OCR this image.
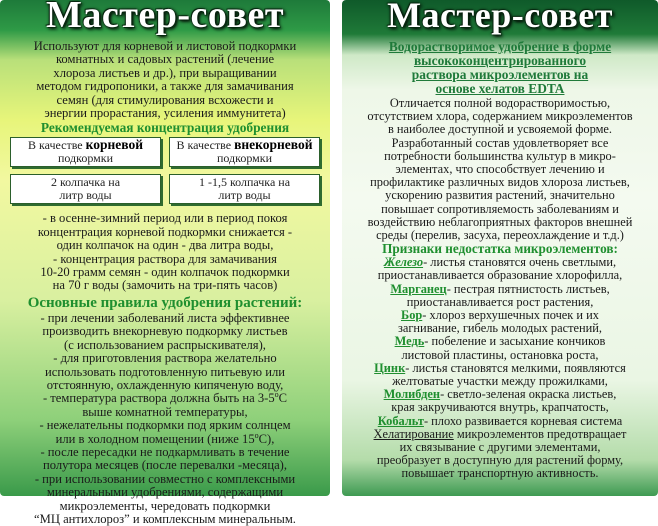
Мастер-совет

Используют для корневой и листовой подкормки

комнатных и садовых растений (лечение

хлороза листьев и др.), при выращивании

методом гидропоники, а также для замачивания

семян (для стимулирования всхожести и

энергии прорастания, усиления иммунитета)

Рекомендуемая концентрация удобрения

В качестве корневой
подкормки
В качестве внекорневой
подкормки
2 колпачка на
литр воды
1 -1,5 колпачка на
литр воды

- в осенне-зимний период или в период покоя

концентрация корневой подкормки снижается -

один колпачок на один - два литра воды,

- концентрация раствора для замачивания

10-20 грамм семян - один колпачок подкормки

на 70 г воды (замочить на три-пять часов)

Основные правила удобрения растений:

- при лечении заболеваний листа эффективнее

производить внекорневую подкормку листьев

(с использованием распрыскивателя),

- для приготовления раствора желательно

использовать подготовленную питьевую или

отстоянную, охлажденную кипяченую воду,

- температура раствора должна быть на $3-5^оС$

выше комнатной температуры,

- нежелательны подкормки под ярким солнцем

или в холодном помещении (ниже $15^оС$),

- после пересадки не подкармливать в течение

полутора месяцев (после перевалки -месяца),

- при использовании совместно с комплексными

минеральными удобрениями, содержащими

микроэлементы, чередовать подкормки

“МЦ антихлороз” и комплексным минеральным.

Мастер-совет

Водорастворимое удобрение в форме

высококонцентрированного

раствора микроэлементов на

основе хелатов EDTA

Отличается полной водорастворимостью,

отсутствием хлора, содержанием микроэлементов

в наиболее доступной и усвояемой форме.

Разработанный состав удовлетворяет все

потребности большинства культур в микро-

элементах, что способствует лечению и

профилактике различных видов хлороза листьев,

ускорению развития растений, значительно

повышает сопротивляемость заболеваниям и

воздействию неблагоприятных факторов внешней

среды (перелив, засуха, переохлаждение и т.д.)

Признаки недостатка микроэлементов:

Железо- листья становятся очень светлыми,

приостанавливается образование хлорофилла,

Марганец- пестрая пятнистость листьев,

приостанавливается рост растения,

Бор- хлороз верхушечных почек и их

загнивание, гибель молодых растений,

Медь- побеление и засыхание кончиков

листовой пластины, остановка роста,

Цинк- листья становятся мелкими, появляются

желтоватые участки между прожилками,

Молибден- светло-зеленая окраска листьев,

края закручиваются внутрь, крапчатость,

Кобальт- плохо развивается корневая система

Хелатирование микроэлементов предотвращает

их связывание с другими элементами,

преобразует в доступную для растений форму,

повышает транспортную активность.
